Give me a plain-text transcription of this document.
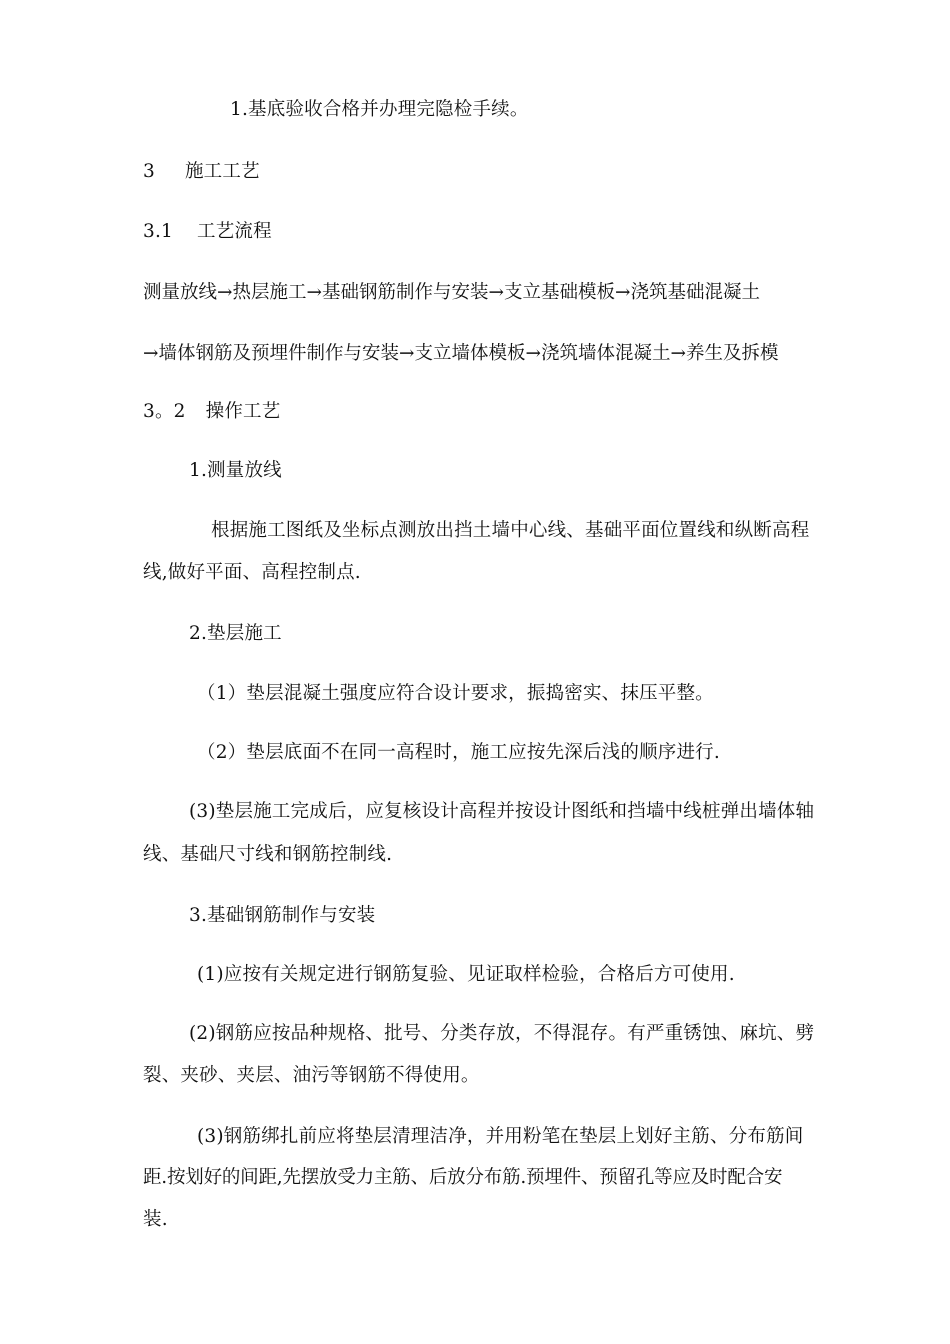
1.基底验收合格并办理完隐检手续。
3 施工工艺
3.1 工艺流程
测量放线→热层施工→基础钢筋制作与安装→支立基础模板→浇筑基础混凝土
→墙体钢筋及预埋件制作与安装→支立墙体模板→浇筑墙体混凝土→养生及拆模
3。2 操作工艺
1.测量放线
根据施工图纸及坐标点测放出挡土墙中心线、基础平面位置线和纵断高程
线,做好平面、高程控制点.
2.垫层施工
（1）垫层混凝土强度应符合设计要求，振捣密实、抹压平整。
（2）垫层底面不在同一高程时，施工应按先深后浅的顺序进行.
(3)垫层施工完成后，应复核设计高程并按设计图纸和挡墙中线桩弹出墙体轴
线、基础尺寸线和钢筋控制线.
3.基础钢筋制作与安装
(1)应按有关规定进行钢筋复验、见证取样检验，合格后方可使用.
(2)钢筋应按品种规格、批号、分类存放，不得混存。有严重锈蚀、麻坑、劈
裂、夹砂、夹层、油污等钢筋不得使用。
(3)钢筋绑扎前应将垫层清理洁净，并用粉笔在垫层上划好主筋、分布筋间
距.按划好的间距,先摆放受力主筋、后放分布筋.预埋件、预留孔等应及时配合安
装.
